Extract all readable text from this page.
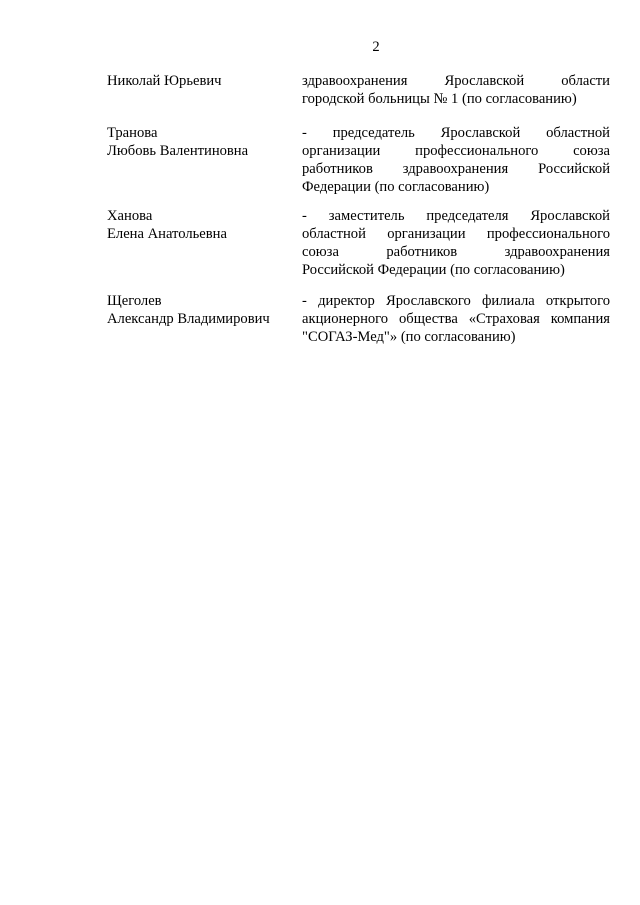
2
Николай Юрьевич	здравоохранения Ярославской области
городской больницы № 1 (по согласованию)
Транова
Любовь Валентиновна
- председатель Ярославской областной
организации профессионального союза
работников здравоохранения Российской
Федерации (по согласованию)
Ханова
Елена Анатольевна
- заместитель председателя Ярославской
областной организации профессионального
союза работников здравоохранения
Российской Федерации (по согласованию)
Щеголев
Александр Владимирович
- директор Ярославского филиала открытого
акционерного общества «Страховая компания
"СОГАЗ-Мед"» (по согласованию)
